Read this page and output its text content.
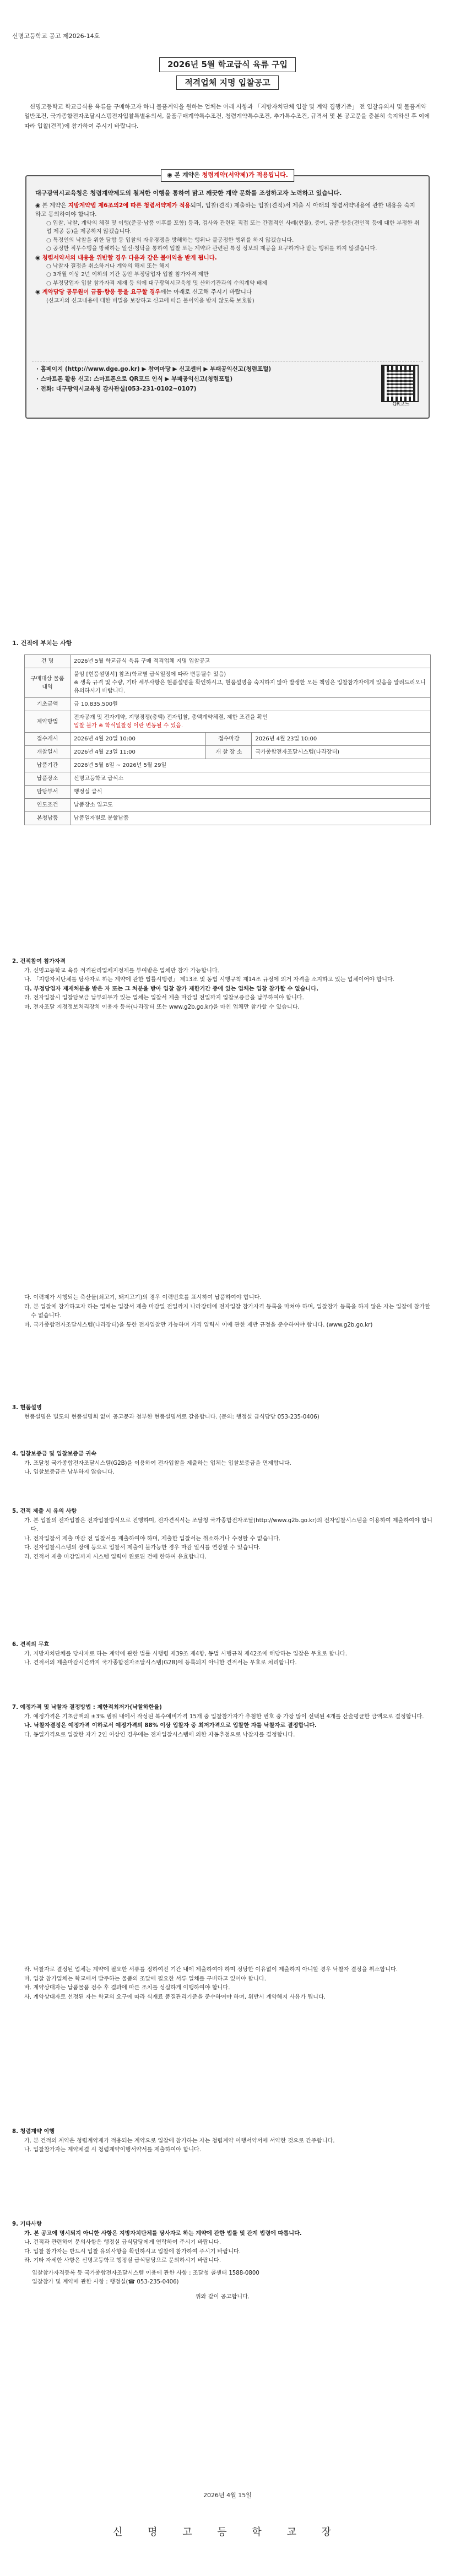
신명고등학교 공고 제2026-14호
2026년 5월 학교급식 육류 구입
적격업체 지명 입찰공고
신명고등학교 학교급식용 육류를 구매하고자 하니 물품계약을 원하는 업체는 아래 사항과 「지방자치단체 입찰 및 계약 집행기준」 전 입찰유의서 및 물품계약일반조건, 국가종합전자조달시스템전자입찰특별유의서, 물품구매계약특수조건, 청렴계약특수조건, 추가특수조건, 규격서 및 본 공고문을 충분히 숙지하신 후 이에 따라 입찰(견적)에 참가하여 주시기 바랍니다.
◉ 본 계약은 청렴계약(서약제)가 적용됩니다.
대구광역시교육청은 청렴계약제도의 철저한 이행을 통하여 맑고 깨끗한 계약 문화를 조성하고자 노력하고 있습니다.
◉ 본 계약은 지방계약법 제6조의2에 따른 청렴서약제가 적용되며, 입찰(견적) 제출하는 입찰(견적)서 제출 시 아래의 청렴서약내용에 관한 내용을 숙지하고 동의하여야 합니다.
○ 입찰, 낙찰, 계약의 체결 및 이행(준공·납품 이후를 포함) 등과, 검사와 관련된 직접 또는 간접적인 사례(현물), 증여, 금품·향응(전인적 등에 대한 부정한 취업 제공 등)을 제공하지 않겠습니다.
○ 특정인의 낙찰을 위한 담합 등 입찰의 자유경쟁을 방해하는 행위나 불공정한 행위를 하지 않겠습니다.
○ 공정한 직무수행을 방해하는 알선·청탁을 통하여 입찰 또는 계약과 관련된 특정 정보의 제공을 요구하거나 받는 행위를 하지 않겠습니다.
◉ 청렴서약서의 내용을 위반할 경우 다음과 같은 불이익을 받게 됩니다.
○ 낙찰자 결정을 취소하거나 계약의 해제 또는 해지
○ 3개월 이상 2년 이하의 기간 동안 부정당업자 입찰 참가자격 제한
○ 부정당업자 입찰 참가자격 제재 등 외에 대구광역시교육청 및 산하기관과의 수의계약 배제
◉ 계약담당 공무원이 금품·향응 등을 요구할 경우에는 아래로 신고해 주시기 바랍니다
(신고자의 신고내용에 대한 비밀을 보장하고 신고에 따른 불이익을 받지 않도록 보호함)
· 홈페이지 (http://www.dge.go.kr) ▶ 참여마당 ▶ 신고센터 ▶ 부패공익신고(청렴포털)
· 스마트폰 활용 신고: 스마트폰으로 QR코드 인식 ▶ 부패공익신고(청렴포털)
· 전화: 대구광역시교육청 감사관실(053-231-0102~0107)
QR코드
1. 건적에 부치는 사항
건 명	2026년 5월 학교급식 육류 구매 적격업체 지명 입찰공고		
구매대상 물품내역	붙임 [현품설명서] 참조(학교별 급식일정에 따라 변동될수 있음)
※ 생육 규격 및 수량, 기타 세부사항은 현품설명을 확인하시고, 현품설명을 숙지하지 않아 발생한 모든 책임은 입찰참가자에게 있음을 알려드리오니 유의하시기 바랍니다.		

기초금액	금 10,835,500원		
계약방법	전자공개 및 전자계약, 지명경쟁(총액) 전자입찰, 총액계약체결, 제한 조건을 확인
입찰 불가 ※ 학식일찰정 이란 변동될 수 있음.		

접수개시	2026년 4월 20일 10:00	접수마감	2026년 4월 23일 10:00
개찰일시	2026년 4월 23일 11:00	개 찰 장 소	국가종합전자조달시스템(나라장터)
납품기간	2026년 5월 6일 ~ 2026년 5월 29일		
납품장소	신명고등학교 급식소		
담당부서	행정실 급식		
연도조건	납품장소 입고도		
본청납품	납품일자별로 분할납품		

2. 건적참여 참가자격

가. 신명고등학교 육류 적격관리업체지정제를 부여받은 업체만 참가 가능합니다.

나. 「지방자치단체를 당사자로 하는 계약에 관한 법률시행령」 제13조 및 동법 시행규칙 제14조 규정에 의거 자격을 소지하고 있는 업체이어야 합니다.

다. 부정당업자 제재처분을 받은 자 또는 그 처분을 받아 입찰 참가 제한기간 중에 있는 업체는 입찰 참가할 수 없습니다.

라. 전자입찰시 입찰담보금 납부의무가 있는 업체는 입찰서 제출 마감일 전일까지 입찰보증금을 납부하여야 합니다.

마. 전자조달 지정정보처리장치 이용자 등록(나라장터 또는 www.g2b.go.kr)을 마친 업체만 참가할 수 있습니다.

다. 이력제가 시행되는 축산물(쇠고기, 돼지고기)의 경우 이력번호를 표시하여 납품하여야 합니다.

라. 본 입찰에 참가하고자 하는 업체는 입찰서 제출 마감일 전일까지 나라장터에 전자입찰 참가자격 등록을 마쳐야 하며, 입찰참가 등록을 하지 않은 자는 입찰에 참가할 수 없습니다.

마. 국가종합전자조달시스템(나라장터)을 통한 전자입찰만 가능하며 가격 입력시 이에 관한 제반 규정을 준수하여야 합니다. (www.g2b.go.kr)

3. 현품설명

현품설명은 별도의 현품설명회 없이 공고문과 첨부한 현품설명서로 갈음합니다. (문의: 행정실 급식담당 053-235-0406)

4. 입찰보증금 및 입찰보증금 귀속

가. 조달청 국가종합전자조달시스템(G2B)을 이용하여 전자입찰을 제출하는 업체는 입찰보증금을 면제합니다.

나. 입찰보증금은 납부하지 않습니다.

5. 건적 제출 시 유의 사항

가. 본 입찰의 전자입찰은 전자입찰방식으로 진행하며, 전자견적서는 조달청 국가종합전자조달(http://www.g2b.go.kr)의 전자입찰시스템을 이용하여 제출하여야 합니다.

나. 전자입찰서 제출 마감 전 입찰서를 제출하여야 하며, 제출한 입찰서는 취소하거나 수정할 수 없습니다.

다. 전자입찰시스템의 장애 등으로 입찰서 제출이 불가능한 경우 마감 일시를 연장할 수 있습니다.

라. 견적서 제출 마감일까지 시스템 입력이 완료된 건에 한하여 유효합니다.

6. 견적의 무효

가. 지방자치단체를 당사자로 하는 계약에 관한 법률 시행령 제39조 제4항, 동법 시행규칙 제42조에 해당하는 입찰은 무효로 합니다.

나. 견적서의 제출마감시간까지 국가종합전자조달시스템(G2B)에 등록되지 아니한 견적서는 무효로 처리합니다.

7. 예정가격 및 낙찰자 결정방법 : 제한적최저가(낙찰하한율)

가. 예정가격은 기초금액의 ±3% 범위 내에서 작성된 복수예비가격 15개 중 입찰참가자가 추첨한 번호 중 가장 많이 선택된 4개를 산술평균한 금액으로 결정합니다.

나. 낙찰자결정은 예정가격 이하로서 예정가격의 88% 이상 입찰자 중 최저가격으로 입찰한 자를 낙찰자로 결정합니다.

다. 동일가격으로 입찰한 자가 2인 이상인 경우에는 전자입찰시스템에 의한 자동추첨으로 낙찰자를 결정합니다.

라. 낙찰자로 결정된 업체는 계약에 필요한 서류를 정하여진 기간 내에 제출하여야 하며 정당한 이유없이 제출하지 아니할 경우 낙찰자 결정을 취소합니다.

마. 입찰 참가업체는 학교에서 발주하는 물품의 조달에 필요한 서류 일체를 구비하고 있어야 합니다.

바. 계약상대자는 납품물품 검수 후 결과에 따른 조치를 성실하게 이행하여야 합니다.

사. 계약상대자로 선정된 자는 학교의 요구에 따라 식재료 품질관리기준을 준수하여야 하며, 위반시 계약해지 사유가 됩니다.

8. 청렴계약 이행

가. 본 건적의 계약은 청렴계약제가 적용되는 계약으로 입찰에 참가하는 자는 청렴계약 이행서약서에 서약한 것으로 간주합니다.

나. 입찰참가자는 계약체결 시 청렴계약이행서약서를 제출하여야 합니다.

9. 기타사항

가. 본 공고에 명시되지 아니한 사항은 지방자치단체를 당사자로 하는 계약에 관한 법률 및 관계 법령에 따릅니다.

나. 건적과 관련하여 문의사항은 행정실 급식담당에게 연락하여 주시기 바랍니다.

다. 입찰 참가자는 반드시 입찰 유의사항을 확인하시고 입찰에 참가하여 주시기 바랍니다.

라. 기타 자세한 사항은 신명고등학교 행정실 급식담당으로 문의하시기 바랍니다.

입찰참가자격등록 등 국가종합전자조달시스템 이용에 관한 사항 : 조달청 콜센터 1588-0800

입찰참가 및 계약에 관한 사항 : 행정실(☎ 053-235-0406)

위와 같이 공고합니다.

2026년 4월 15일
신 명 고 등 학 교 장
